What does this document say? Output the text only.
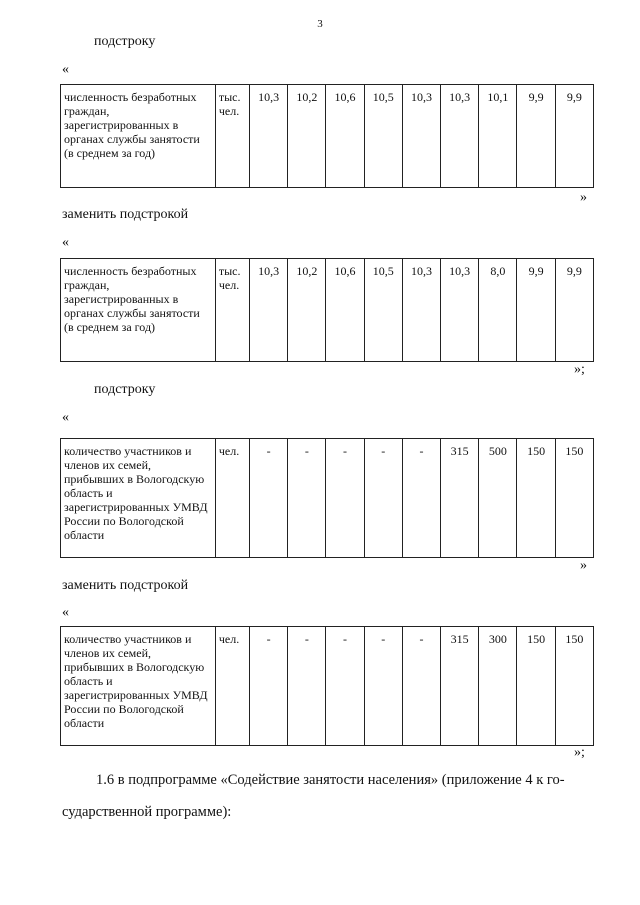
3
подстроку
«
численность безработных граждан, зарегистрированных в органах службы занятости (в среднем за год)	тыс. чел.	10,3	10,2	10,6	10,5	10,3	10,3	10,1	9,9	9,9
»
заменить подстрокой
«
численность безработных граждан, зарегистрированных в органах службы занятости (в среднем за год)	тыс. чел.	10,3	10,2	10,6	10,5	10,3	10,3	8,0	9,9	9,9
»;
подстроку
«
количество участников и членов их семей, прибывших в Вологодскую область и зарегистрированных УМВД России по Вологодской области	чел.	-	-	-	-	-	315	500	150	150
»
заменить подстрокой
«
количество участников и членов их семей, прибывших в Вологодскую область и зарегистрированных УМВД России по Вологодской области	чел.	-	-	-	-	-	315	300	150	150
»;
1.6 в подпрограмме «Содействие занятости населения» (приложение 4 к го-
сударственной программе):
